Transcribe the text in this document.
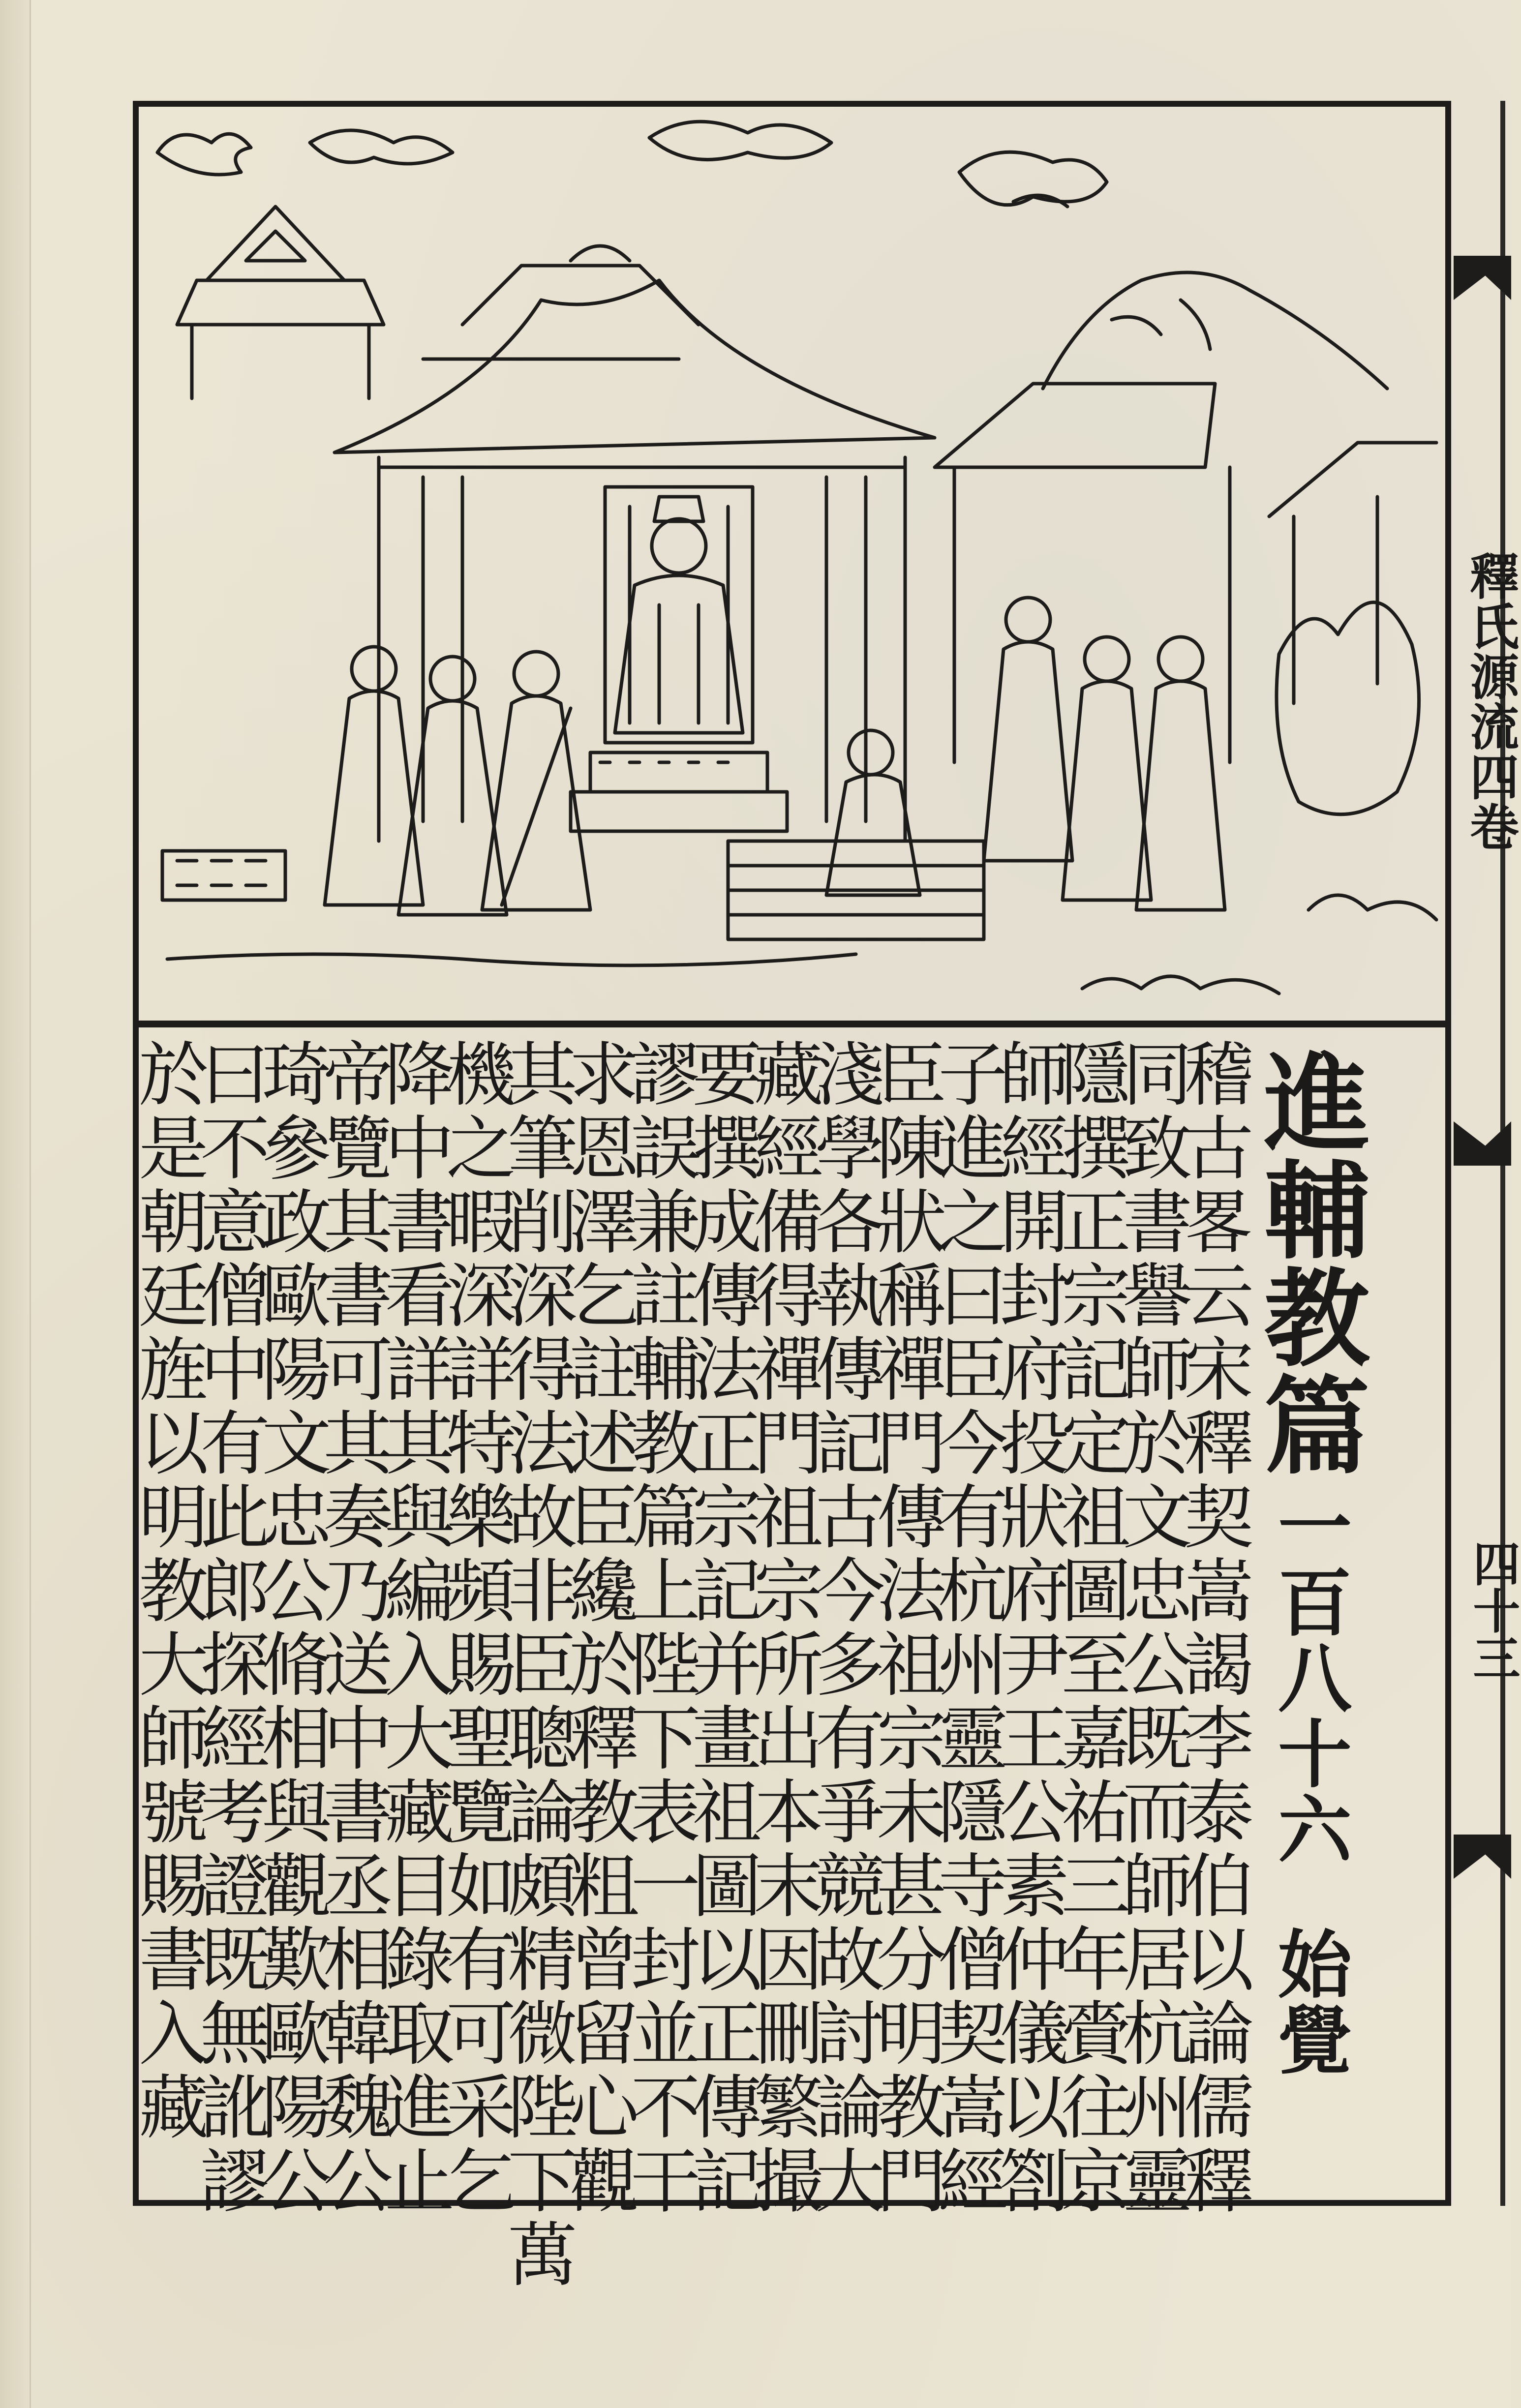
釋氏源流四卷
四十三
進輔教篇一百八十六始覺
稽古畧云宋釋契嵩謁李泰伯以論儒釋
同致書譽師於文忠公既而師居杭州靈
隱撰正宗記定祖圖至嘉祐三年賫往京
師經開封府投狀府尹王公素仲儀以劄
子進之曰臣今有杭州靈隱寺僧契嵩經
臣陳狀稱禪門傳法祖宗未甚分明教門
淺學各執傳記古今多有爭競故討論大
藏經備得禪門祖宗所出本末因刪繁撮
要撰成傳法正宗記并畫祖圖以正傳記
謬誤兼註輔教篇上陛下表一封並不干
求恩澤乞註述臣纔於釋教粗曾留心觀
其筆削深得法故非臣聰論頗精微陛下萬
機之暇深詳特樂頻賜聖覽如有可采乞
降中書看詳其與編入大藏目錄取進止
帝覽其書可其奏乃送中書丞相韓魏公
琦參政歐陽文忠公脩相與觀歎歐陽公
曰不意僧中有此郎探經考證既無訛謬
於是朝廷旌以明教大師號賜書入藏
